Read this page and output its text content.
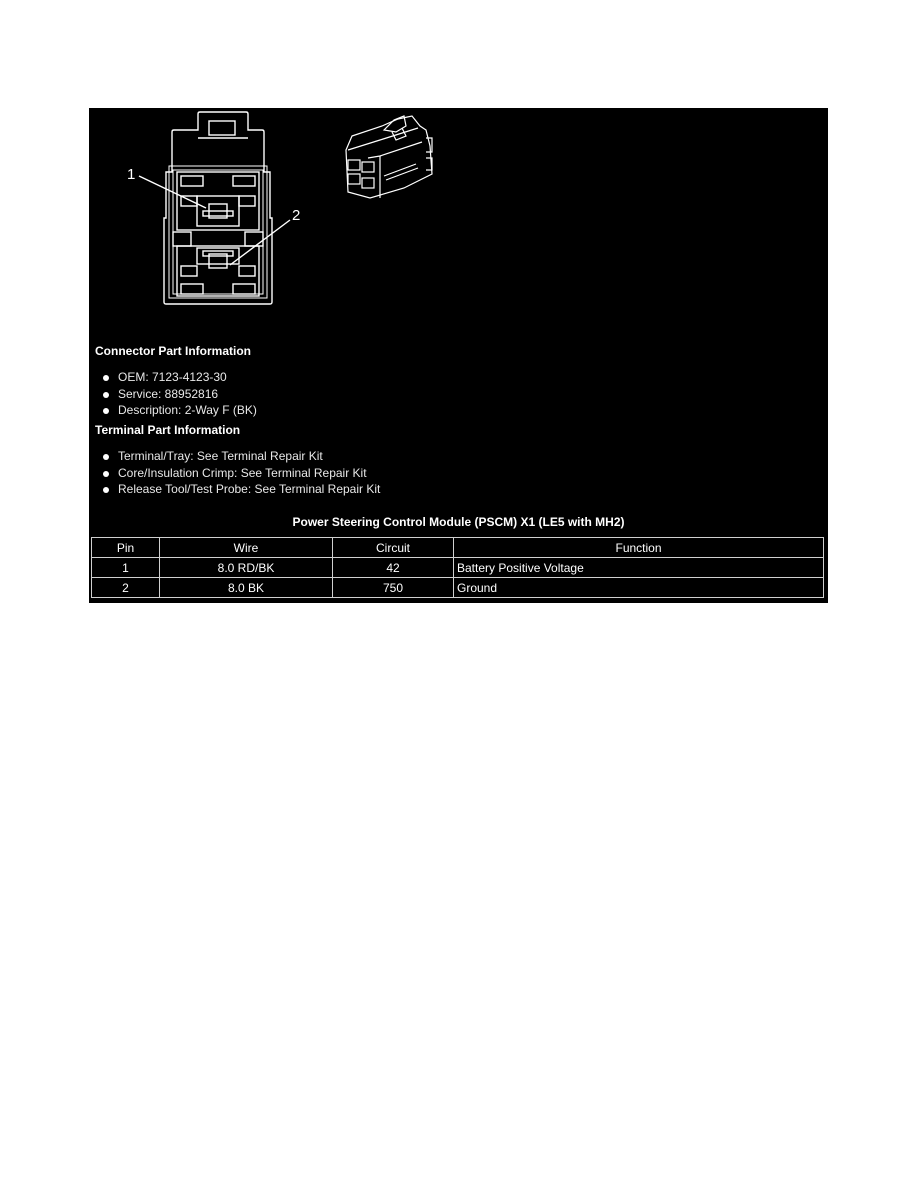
1
2
Connector Part Information
OEM: 7123-4123-30
Service: 88952816
Description: 2-Way F (BK)
Terminal Part Information
Terminal/Tray: See Terminal Repair Kit
Core/Insulation Crimp: See Terminal Repair Kit
Release Tool/Test Probe: See Terminal Repair Kit
Power Steering Control Module (PSCM) X1 (LE5 with MH2)
Pin	Wire	Circuit	Function
1	8.0 RD/BK	42	Battery Positive Voltage
2	8.0 BK	750	Ground
